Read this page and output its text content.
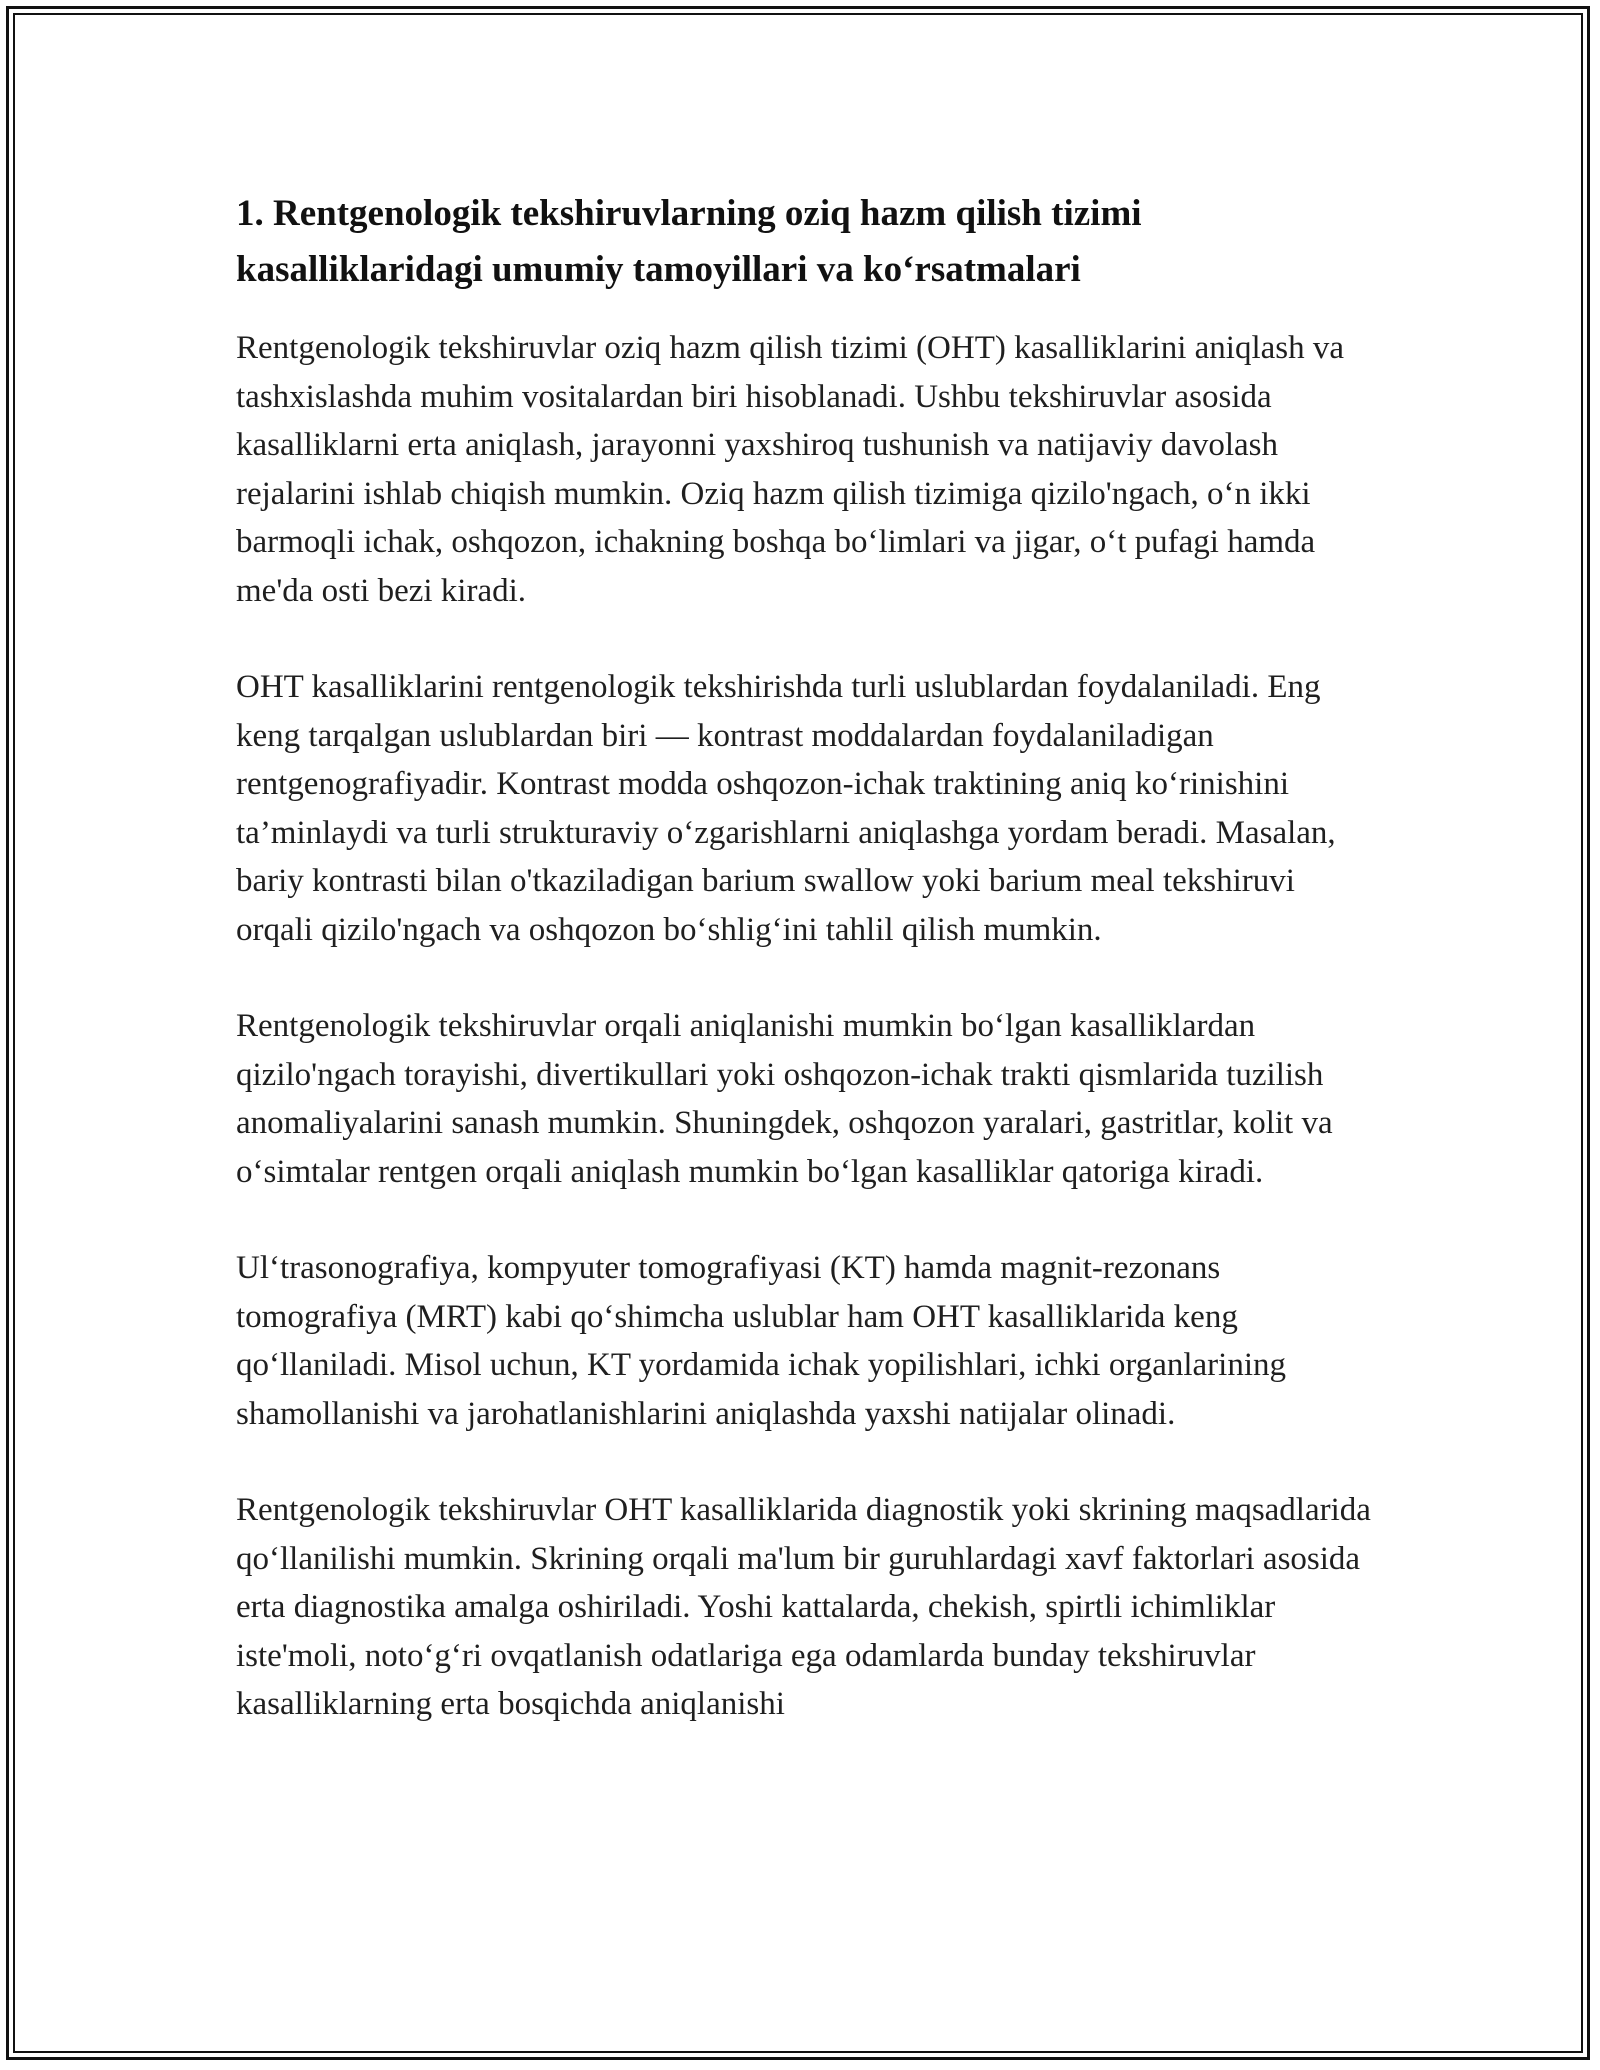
1. Rentgenologik tekshiruvlarning oziq hazm qilish tizimi kasalliklaridagi umumiy tamoyillari va ko‘rsatmalari

Rentgenologik tekshiruvlar oziq hazm qilish tizimi (OHT) kasalliklarini aniqlash va tashxislashda muhim vositalardan biri hisoblanadi. Ushbu tekshiruvlar asosida kasalliklarni erta aniqlash, jarayonni yaxshiroq tushunish va natijaviy davolash rejalarini ishlab chiqish mumkin. Oziq hazm qilish tizimiga qizilo'ngach, o‘n ikki barmoqli ichak, oshqozon, ichakning boshqa bo‘limlari va jigar, o‘t pufagi hamda me'da osti bezi kiradi.

OHT kasalliklarini rentgenologik tekshirishda turli uslublardan foydalaniladi. Eng keng tarqalgan uslublardan biri — kontrast moddalardan foydalaniladigan rentgenografiyadir. Kontrast modda oshqozon-ichak traktining aniq ko‘rinishini ta’minlaydi va turli strukturaviy o‘zgarishlarni aniqlashga yordam beradi. Masalan, bariy kontrasti bilan o'tkaziladigan barium swallow yoki barium meal tekshiruvi orqali qizilo'ngach va oshqozon bo‘shlig‘ini tahlil qilish mumkin.

Rentgenologik tekshiruvlar orqali aniqlanishi mumkin bo‘lgan kasalliklardan qizilo'ngach torayishi, divertikullari yoki oshqozon-ichak trakti qismlarida tuzilish anomaliyalarini sanash mumkin. Shuningdek, oshqozon yaralari, gastritlar, kolit va o‘simtalar rentgen orqali aniqlash mumkin bo‘lgan kasalliklar qatoriga kiradi.

Ul‘trasonografiya, kompyuter tomografiyasi (KT) hamda magnit-rezonans tomografiya (MRT) kabi qo‘shimcha uslublar ham OHT kasalliklarida keng qo‘llaniladi. Misol uchun, KT yordamida ichak yopilishlari, ichki organlarining shamollanishi va jarohatlanishlarini aniqlashda yaxshi natijalar olinadi.

Rentgenologik tekshiruvlar OHT kasalliklarida diagnostik yoki skrining maqsadlarida qo‘llanilishi mumkin. Skrining orqali ma'lum bir guruhlardagi xavf faktorlari asosida erta diagnostika amalga oshiriladi. Yoshi kattalarda, chekish, spirtli ichimliklar iste'moli, noto‘g‘ri ovqatlanish odatlariga ega odamlarda bunday tekshiruvlar kasalliklarning erta bosqichda aniqlanishi
